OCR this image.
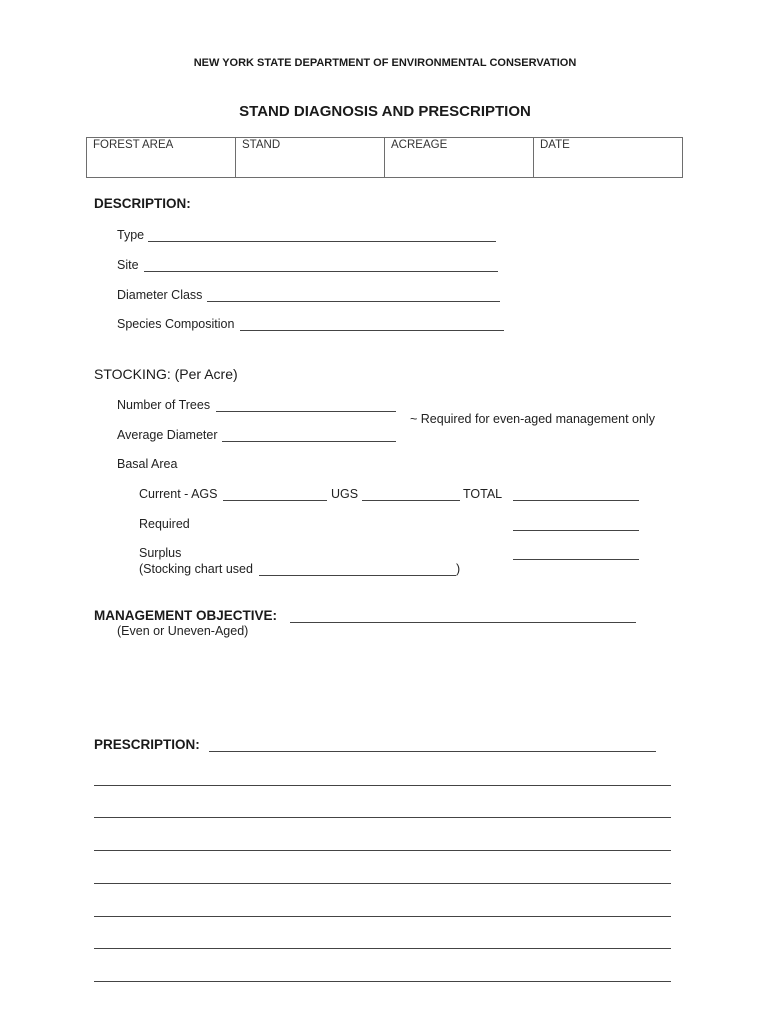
NEW YORK STATE DEPARTMENT OF ENVIRONMENTAL CONSERVATION
STAND DIAGNOSIS AND PRESCRIPTION
FOREST AREA	STAND	ACREAGE	DATE
DESCRIPTION:
Type
Site
Diameter Class
Species Composition
STOCKING: (Per Acre)
Number of Trees
~ Required for even-aged management only
Average Diameter
Basal Area
Current - AGS	UGS	TOTAL
Required
Surplus
(Stocking chart used	)
MANAGEMENT OBJECTIVE:
(Even or Uneven-Aged)
PRESCRIPTION:
